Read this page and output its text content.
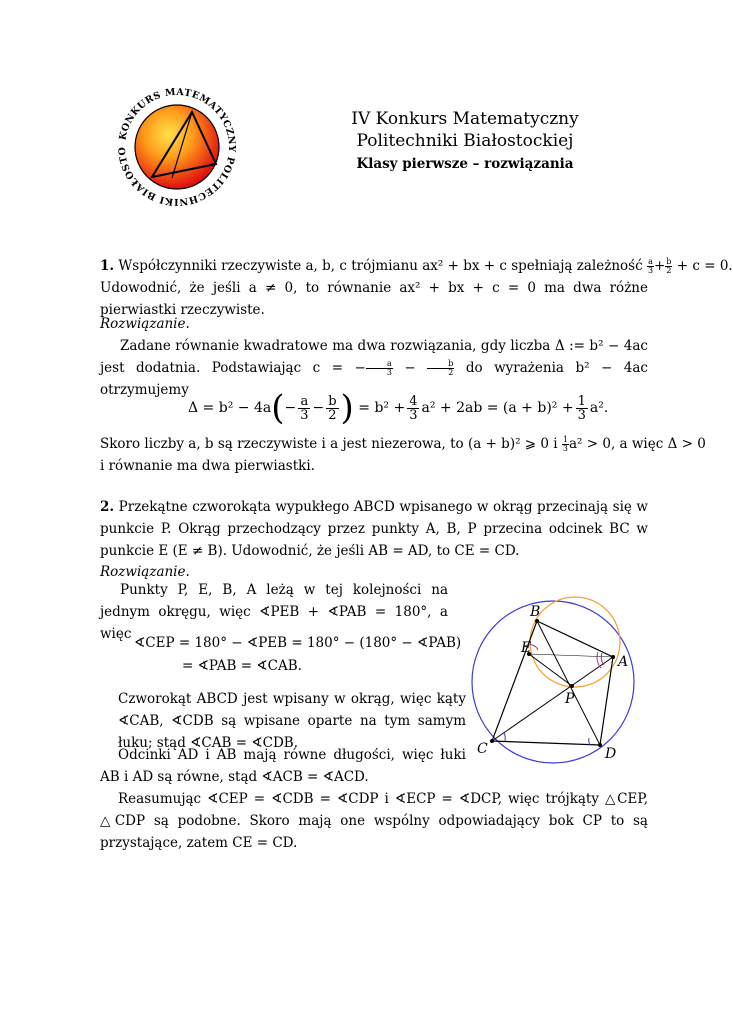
KONKURS MATEMATYCZNY POLITECHNIKI BIAŁOSTO
IV Konkurs Matematyczny
Politechniki Białostockiej
Klasy pierwsze – rozwiązania
1. Współczynniki rzeczywiste a, b, c trójmianu ax² + bx + c spełniają zależność $\frac{a}{3} + \frac{b}{2} + c = 0$.
Udowodnić, że jeśli a ≠ 0, to równanie ax² + bx + c = 0 ma dwa różne pierwiastki rzeczywiste.
Rozwiązanie.
Zadane równanie kwadratowe ma dwa rozwiązania, gdy liczba Δ := b² − 4ac jest dodatnia. Podstawiając c = − $\frac{a}{3} - \frac{b}{2}$ do wyrażenia b² − 4ac otrzymujemy
Δ = b² − 4a ( − $\frac{a}{3} - \frac{b}{2}$ )
= $b^2 + \frac{4}{3} a^2 + 2ab = (a + b)^2 + \frac{1}{3} a^2$.
Skoro liczby a, b są rzeczywiste i a jest niezerowa, to (a + b)² ⩾ 0 i $\frac{1}{3} a^2 > 0$, a więc Δ > 0
i równanie ma dwa pierwiastki.
2. Przekątne czworokąta wypukłego ABCD wpisanego w okrąg przecinają się w punkcie P. Okrąg przechodzący przez punkty A, B, P przecina odcinek BC w punkcie E (E ≠ B). Udowodnić, że jeśli AB = AD, to CE = CD.
Rozwiązanie.
Punkty P, E, B, A leżą w tej kolejności na jednym okręgu, więc ∢PEB + ∢PAB = 180°, a więc
∢CEP = 180° − ∢PEB = 180° − (180° − ∢PAB)
= ∢PAB = ∢CAB.
Czworokąt ABCD jest wpisany w okrąg, więc kąty ∢CAB, ∢CDB są wpisane oparte na tym samym łuku; stąd ∢CAB = ∢CDB.
Odcinki AD i AB mają równe długości, więc łuki AB i AD są równe, stąd ∢ACB = ∢ACD.
Reasumując ∢CEP = ∢CDB = ∢CDP i ∢ECP = ∢DCP, więc trójkąty △CEP, △CDP są podobne. Skoro mają one wspólny odpowiadający bok CP to są przystające, zatem CE = CD.
B
E
A
P
C	D
